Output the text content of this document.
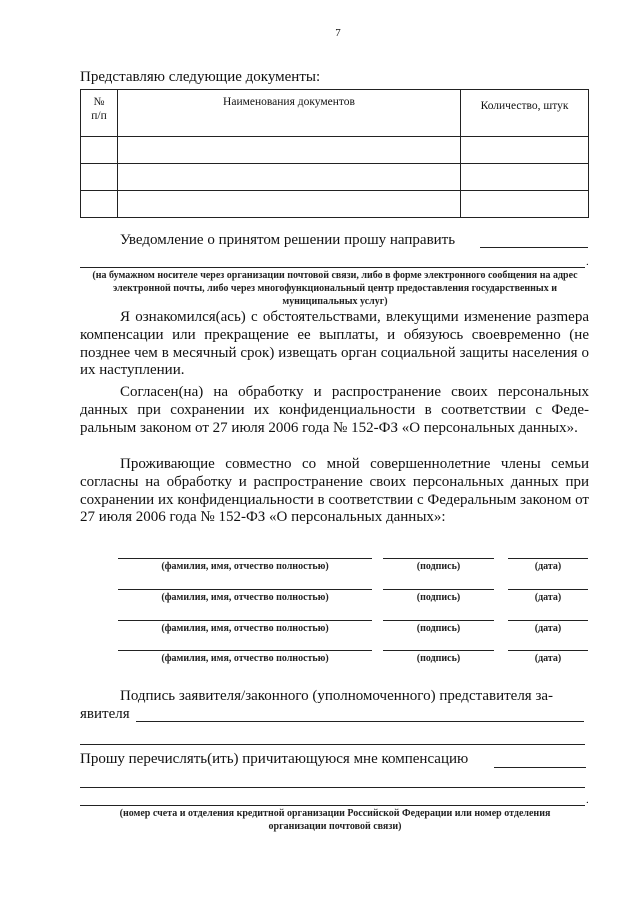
7
Представляю следующие документы:
№
п/п	Наименования документов	Количество, штук

Уведомление о принятом решении прошу направить
.
(на бумажном носителе через организации почтовой связи, либо в форме электронного сообщения на адрес электронной почты, либо через многофункциональный центр предоставления государственных и муниципальных услуг)
Я ознакомился(ась) с обстоятельствами, влекущими изменение разmера компенсации или прекращение ее выплаты, и обязуюсь своевременно (не позднее чем в месячный срок) извещать орган социальной защиты населения о их наступлении.
Согласен(на) на обработку и распространение своих персональных данных при сохранении их конфиденциальности в соответствии с Федеральным законом от 27 июля 2006 года № 152-ФЗ «О персональных данных».
Проживающие совместно со мной совершеннолетние члены семьи согласны на обработку и распространение своих персональных данных при сохранении их конфиденциальности в соответствии с Федеральным законом от 27 июля 2006 года № 152-ФЗ «О персональных данных»:
(фамилия, имя, отчество полностью)	(подпись)	(дата)
(фамилия, имя, отчество полностью)	(подпись)	(дата)
(фамилия, имя, отчество полностью)	(подпись)	(дата)
(фамилия, имя, отчество полностью)	(подпись)	(дата)
Подпись заявителя/законного (уполномоченного) представителя за-
явителя
Прошу перечислять(ить) причитающуюся мне компенсацию
.
(номер счета и отделения кредитной организации Российской Федерации или номер отделения организации почтовой связи)
